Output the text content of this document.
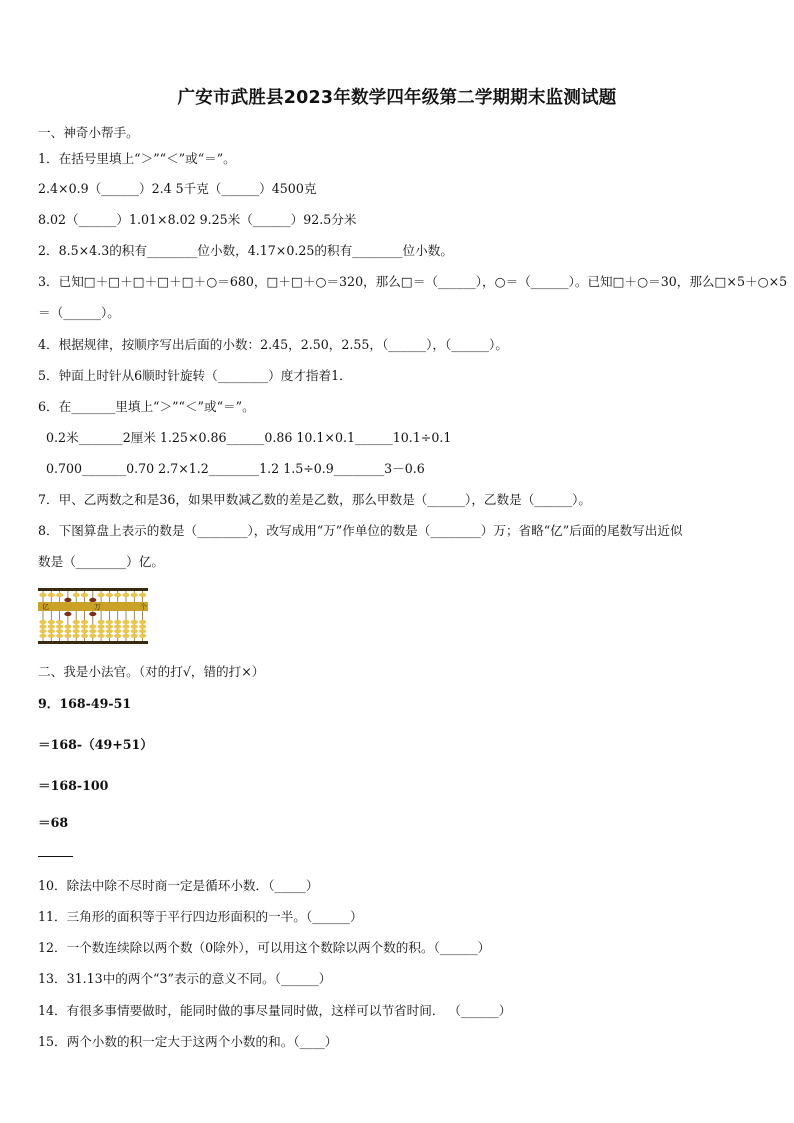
广安市武胜县2023年数学四年级第二学期期末监测试题
一、神奇小帮手。
1．在括号里填上“＞”“＜”或“＝”。
2.4×0.9（______）2.4 5千克（______）4500克
8.02（______）1.01×8.02 9.25米（______）92.5分米
2．8.5×4.3的积有________位小数，4.17×0.25的积有________位小数。
3．已知□＋□＋□＋□＋□＋○＝680，□＋□＋○＝320，那么□＝（______），○＝（______）。已知□＋○＝30，那么□×5＋○×5
＝（______）。
4．根据规律，按顺序写出后面的小数：2.45，2.50，2.55，（______），（______）。
5．钟面上时针从6顺时针旋转（________）度才指着1．
6．在_______里填上“＞”“＜”或“＝”。
0.2米_______2厘米 1.25×0.86______0.86 10.1×0.1______10.1÷0.1
0.700_______0.70 2.7×1.2________1.2 1.5÷0.9________3－0.6
7．甲、乙两数之和是36，如果甲数减乙数的差是乙数，那么甲数是（______），乙数是（______）。
8．下图算盘上表示的数是（________），改写成用“万”作单位的数是（________）万；省略“亿”后面的尾数写出近似
数是（________）亿。
亿	万	个
二、我是小法官。（对的打√，错的打×）
9．168-49-51
＝168-（49+51）
＝168-100
＝68
10．除法中除不尽时商一定是循环小数．（_____）
11．三角形的面积等于平行四边形面积的一半。（______）
12．一个数连续除以两个数（0除外），可以用这个数除以两个数的积。（______）
13．31.13中的两个“3”表示的意义不同。（______）
14．有很多事情要做时，能同时做的事尽量同时做，这样可以节省时间． （______）
15．两个小数的积一定大于这两个小数的和。（____）
